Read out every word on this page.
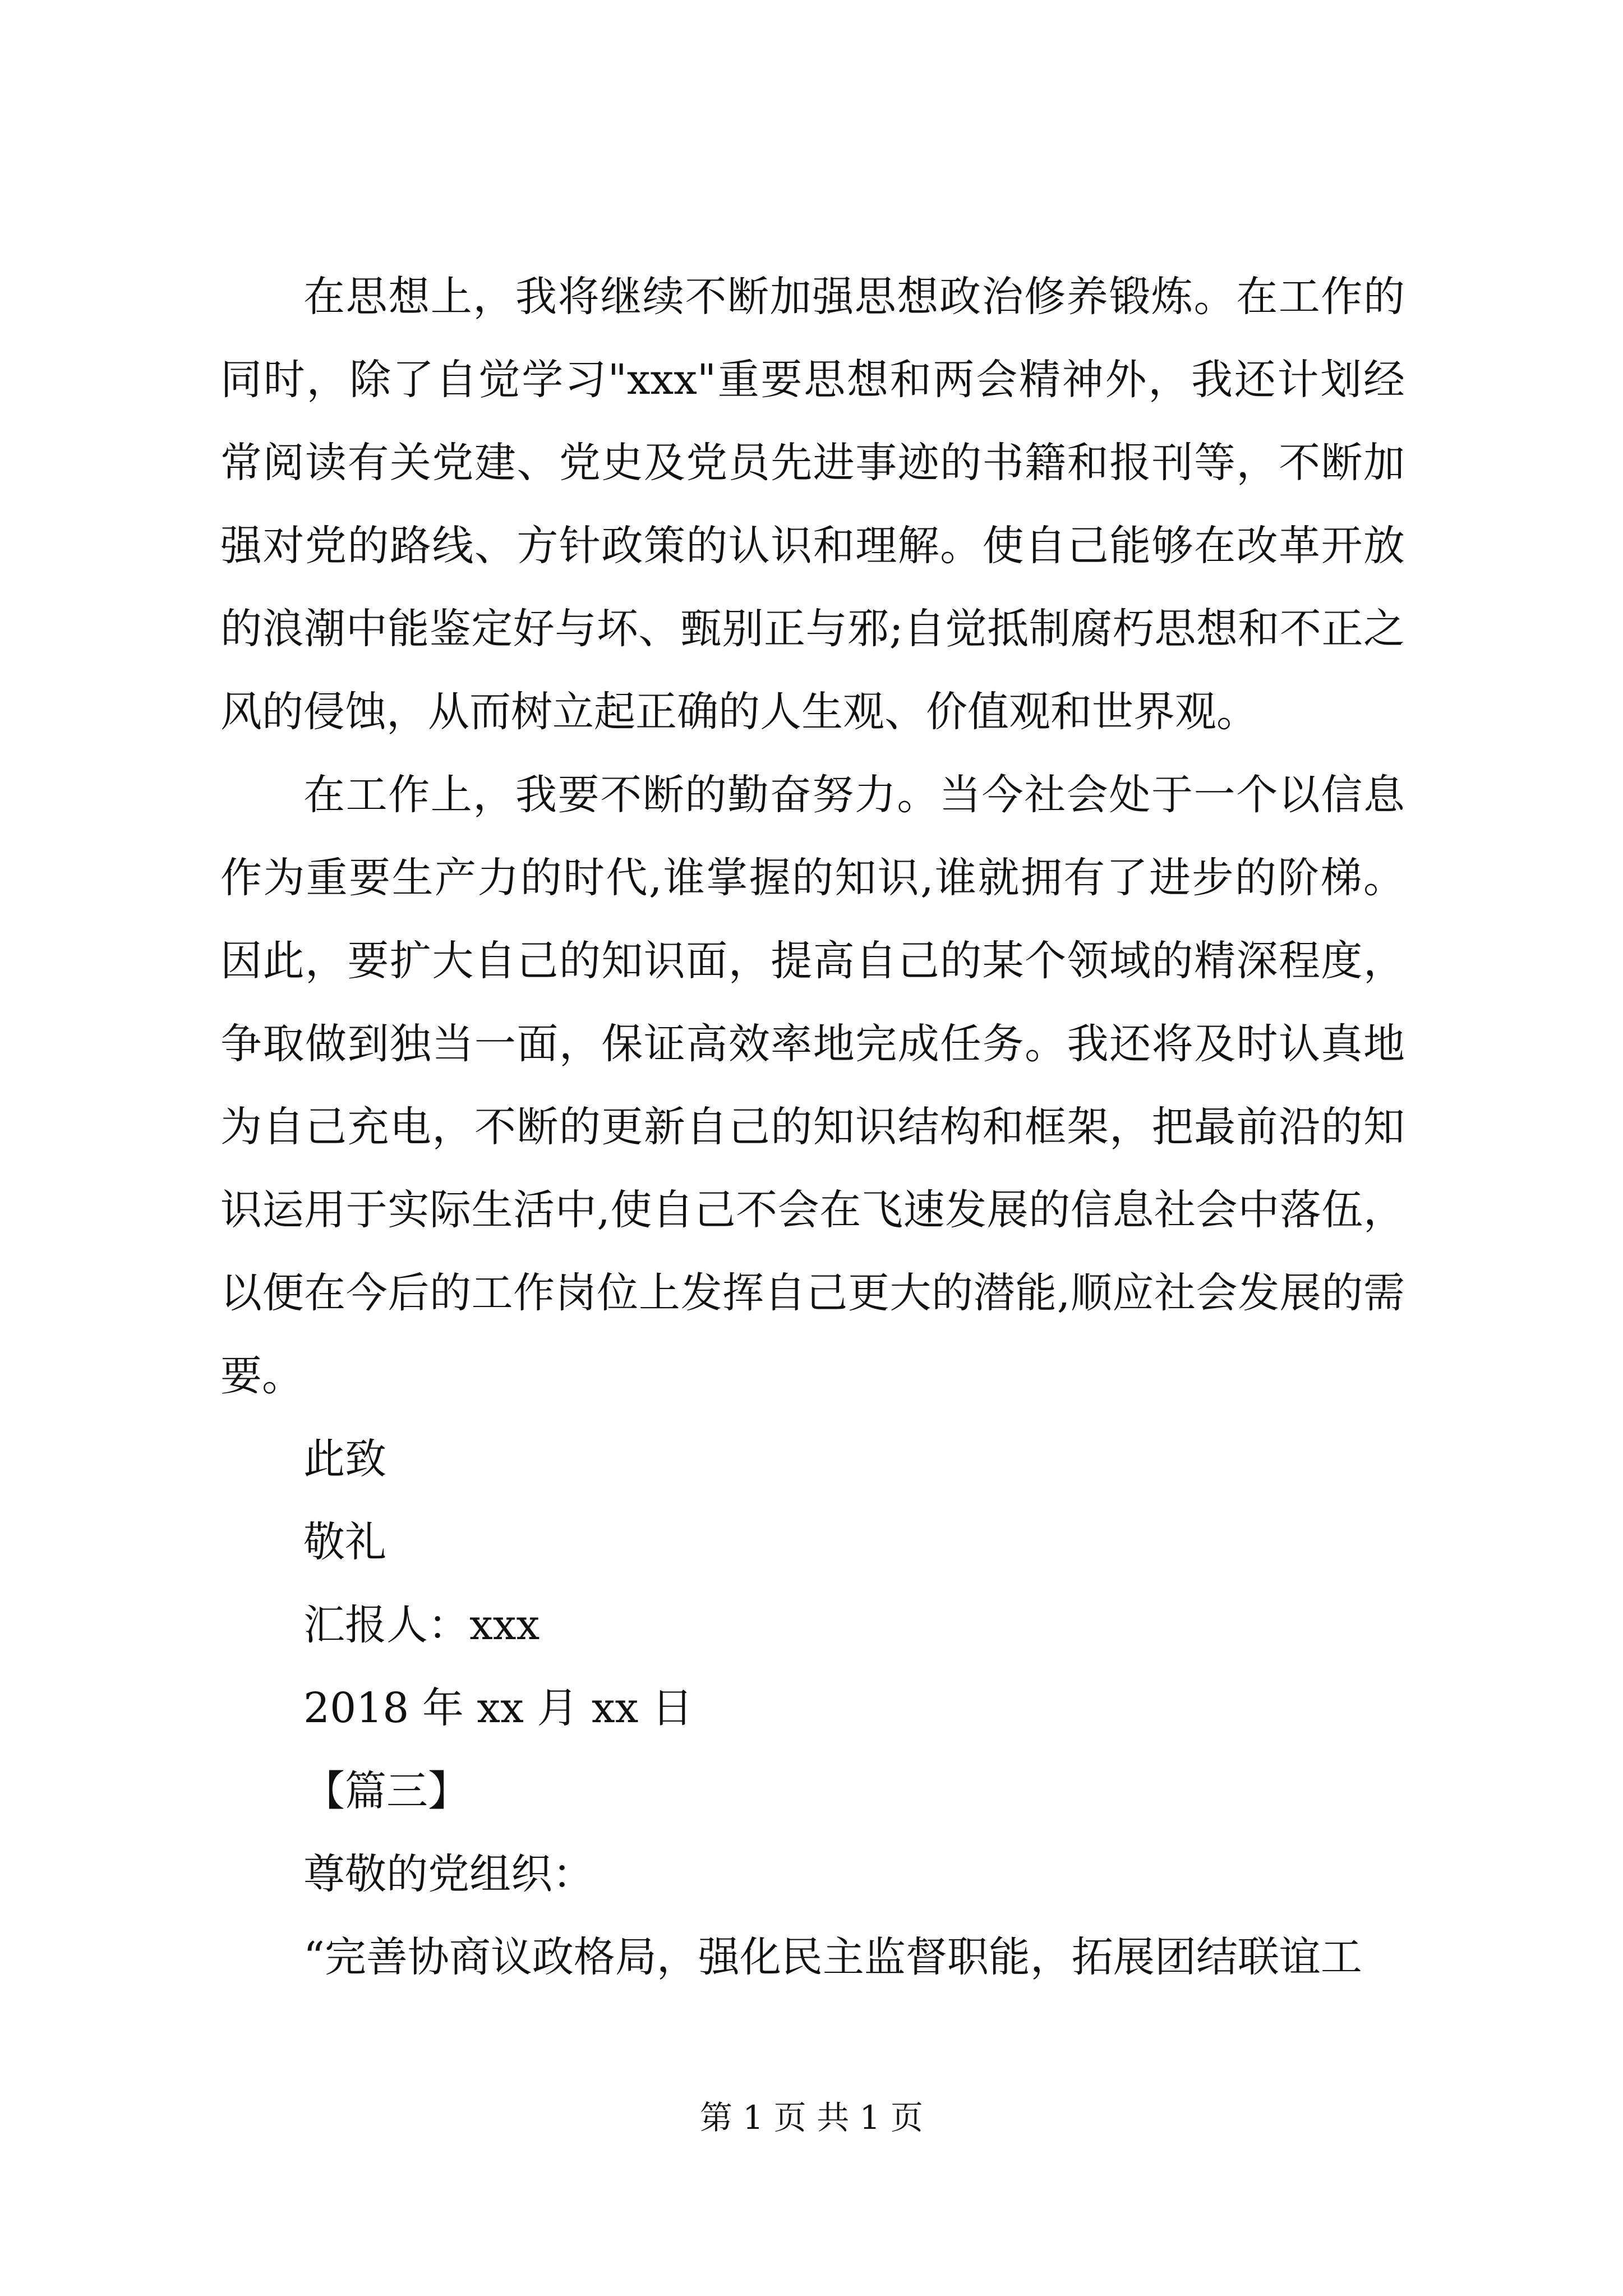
在思想上，我将继续不断加强思想政治修养锻炼。在工作的同时，除了自觉学习"xxx"重要思想和两会精神外，我还计划经常阅读有关党建、党史及党员先进事迹的书籍和报刊等，不断加强对党的路线、方针政策的认识和理解。使自己能够在改革开放的浪潮中能鉴定好与坏、甄别正与邪;自觉抵制腐朽思想和不正之风的侵蚀，从而树立起正确的人生观、价值观和世界观。

在工作上，我要不断的勤奋努力。当今社会处于一个以信息作为重要生产力的时代,谁掌握的知识,谁就拥有了进步的阶梯。因此，要扩大自己的知识面，提高自己的某个领域的精深程度，争取做到独当一面，保证高效率地完成任务。我还将及时认真地为自己充电，不断的更新自己的知识结构和框架，把最前沿的知识运用于实际生活中,使自己不会在飞速发展的信息社会中落伍，以便在今后的工作岗位上发挥自己更大的潜能,顺应社会发展的需要。

此致

敬礼

汇报人：xxx

2018 年 xx 月 xx 日

【篇三】

尊敬的党组织：

“完善协商议政格局，强化民主监督职能，拓展团结联谊工

第 1 页 共 1 页
